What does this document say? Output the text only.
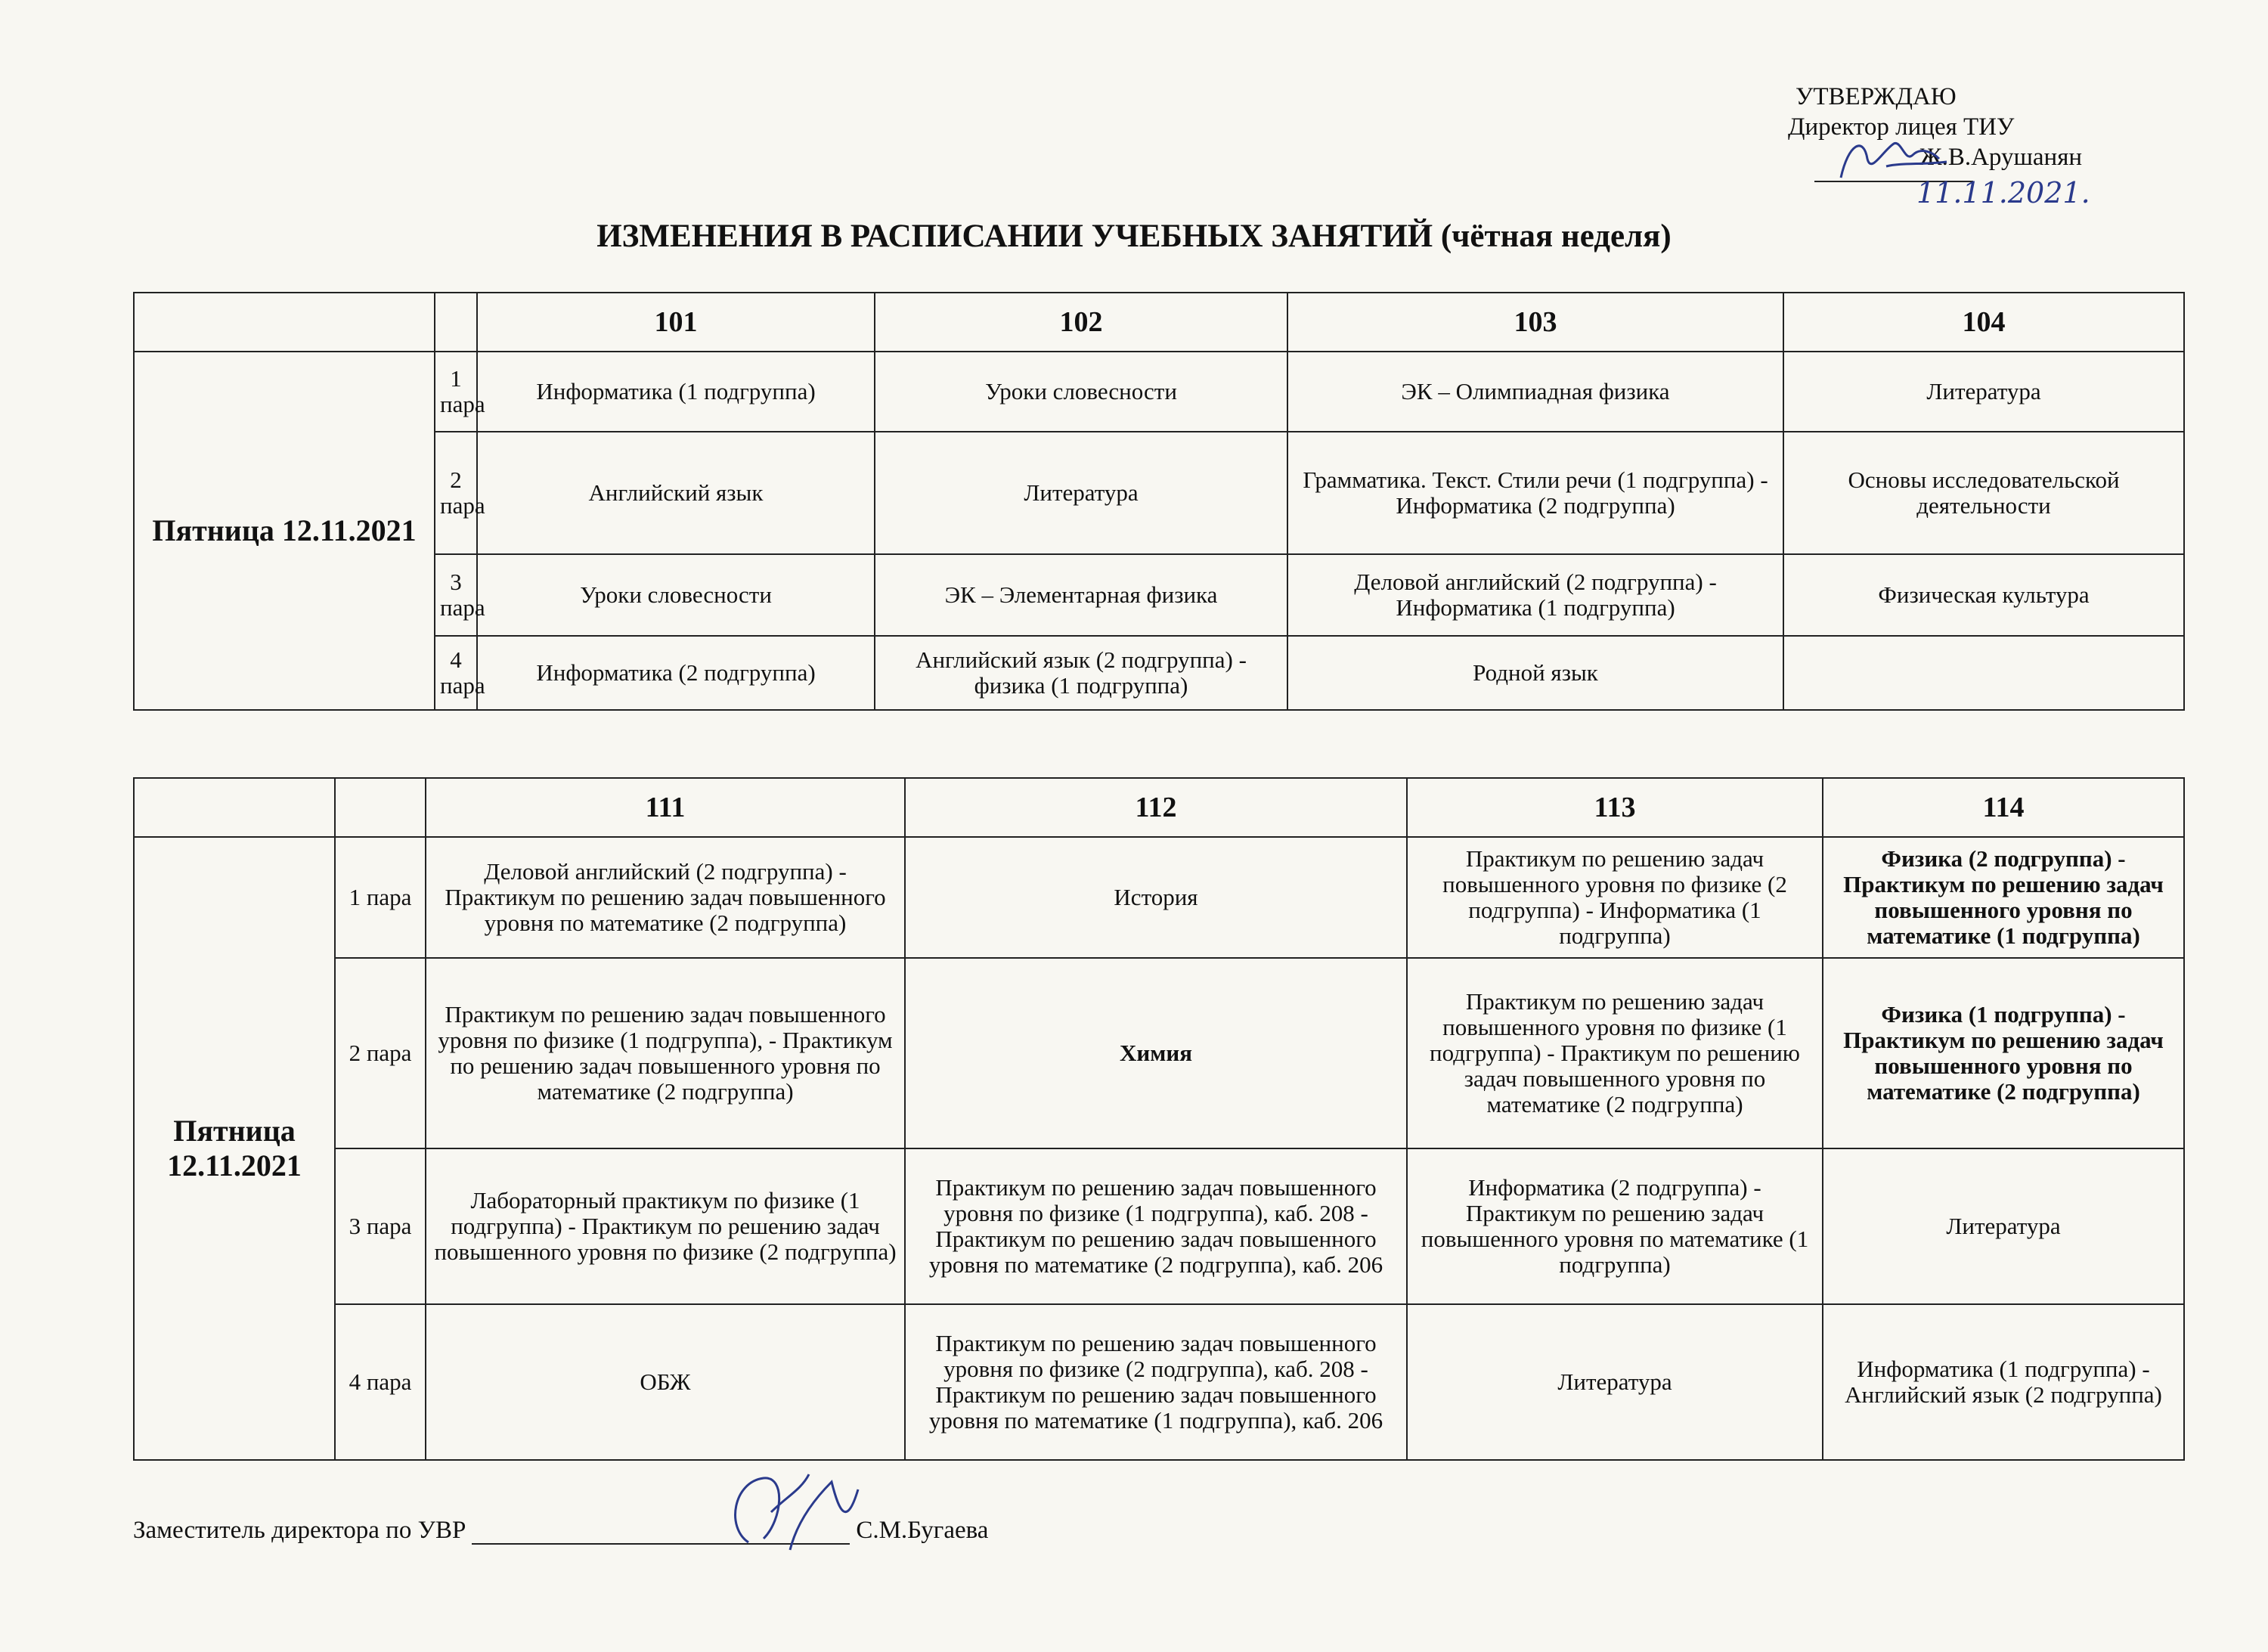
УТВЕРЖДАЮ
Директор лицея ТИУ
Ж.В.Арушанян
11.11.2021.
ИЗМЕНЕНИЯ В РАСПИСАНИИ УЧЕБНЫХ ЗАНЯТИЙ (чётная неделя)
		101	102	103	104
Пятница 12.11.2021	1 пара	Информатика (1 подгруппа)	Уроки словесности	ЭК – Олимпиадная физика	Литература
	2 пара	Английский язык	Литература	Грамматика. Текст. Стили речи (1 подгруппа) - Информатика (2 подгруппа)	Основы исследовательской деятельности
	3 пара	Уроки словесности	ЭК – Элементарная физика	Деловой английский (2 подгруппа) - Информатика (1 подгруппа)	Физическая культура
	4 пара	Информатика (2 подгруппа)	Английский язык (2 подгруппа) - физика (1 подгруппа)	Родной язык	
		111	112	113	114
Пятница 12.11.2021	1 пара	Деловой английский (2 подгруппа) - Практикум по решению задач повышенного уровня по математике (2 подгруппа)	История	Практикум по решению задач повышенного уровня по физике (2 подгруппа) - Информатика (1 подгруппа)	Физика (2 подгруппа) - Практикум по решению задач повышенного уровня по математике (1 подгруппа)
	2 пара	Практикум по решению задач повышенного уровня по физике (1 подгруппа), - Практикум по решению задач повышенного уровня по математике (2 подгруппа)	Химия	Практикум по решению задач повышенного уровня по физике (1 подгруппа) - Практикум по решению задач повышенного уровня по математике (2 подгруппа)	Физика (1 подгруппа) - Практикум по решению задач повышенного уровня по математике (2 подгруппа)
	3 пара	Лабораторный практикум по физике (1 подгруппа) - Практикум по решению задач повышенного уровня по физике (2 подгруппа)	Практикум по решению задач повышенного уровня по физике (1 подгруппа), каб. 208 - Практикум по решению задач повышенного уровня по математике (2 подгруппа), каб. 206	Информатика (2 подгруппа) - Практикум по решению задач повышенного уровня по математике (1 подгруппа)	Литература
	4 пара	ОБЖ	Практикум по решению задач повышенного уровня по физике (2 подгруппа), каб. 208 - Практикум по решению задач повышенного уровня по математике (1 подгруппа), каб. 206	Литература	Информатика (1 подгруппа) - Английский язык (2 подгруппа)
Заместитель директора по УВР	С.М.Бугаева
